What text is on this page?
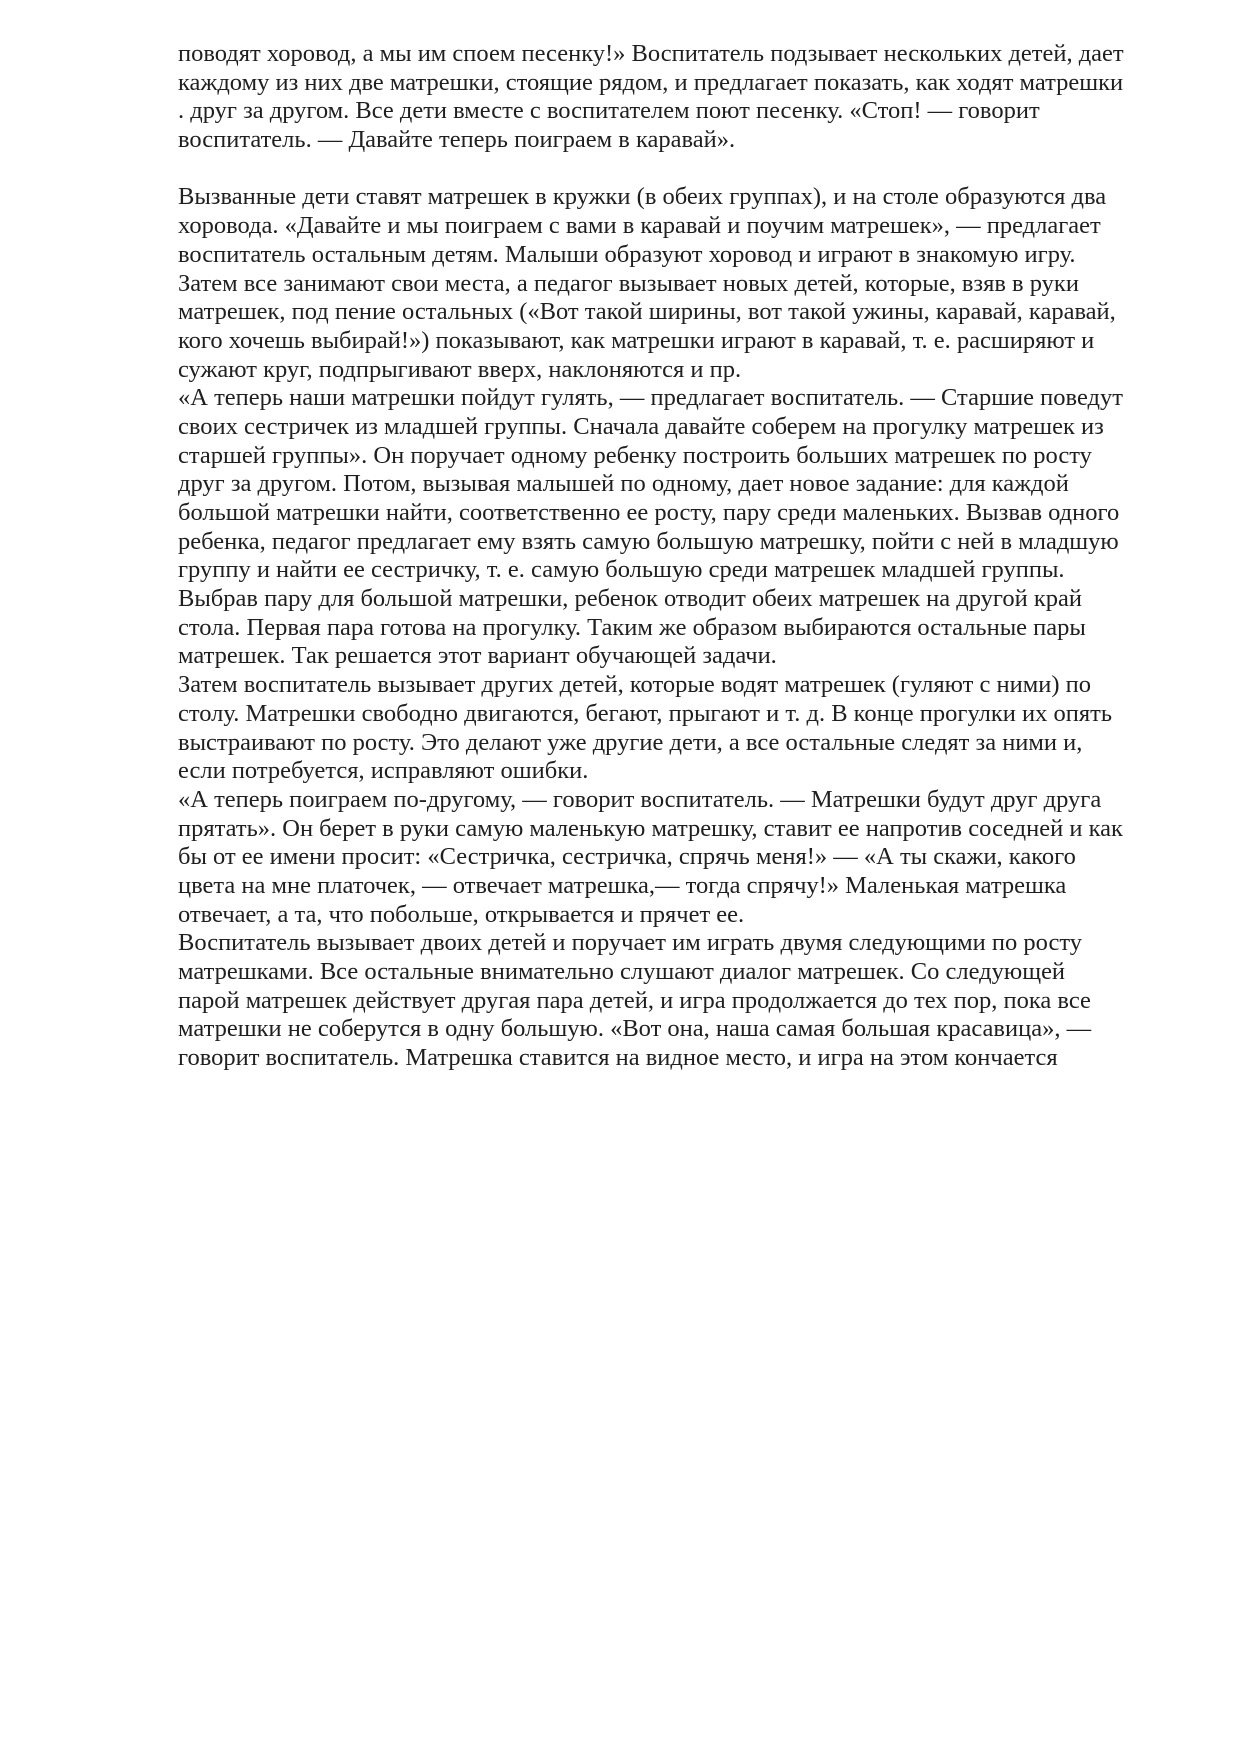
поводят хоровод, а мы им споем песенку!» Воспитатель подзывает нескольких детей, дает
каждому из них две матрешки, стоящие рядом, и предлагает показать, как ходят матрешки
. друг за другом. Все дети вместе с воспитателем поют песенку. «Стоп! — говорит
воспитатель. — Давайте теперь поиграем в каравай».
Вызванные дети ставят матрешек в кружки (в обеих группах), и на столе образуются два
хоровода. «Давайте и мы поиграем с вами в каравай и поучим матрешек», — предлагает
воспитатель остальным детям. Малыши образуют хоровод и играют в знакомую игру.
Затем все занимают свои места, а педагог вызывает новых детей, которые, взяв в руки
матрешек, под пение остальных («Вот такой ширины, вот такой ужины, каравай, каравай,
кого хочешь выбирай!») показывают, как матрешки играют в каравай, т. е. расширяют и
сужают круг, подпрыгивают вверх, наклоняются и пр.
«А теперь наши матрешки пойдут гулять, — предлагает воспитатель. — Старшие поведут
своих сестричек из младшей группы. Сначала давайте соберем на прогулку матрешек из
старшей группы». Он поручает одному ребенку построить больших матрешек по росту
друг за другом. Потом, вызывая малышей по одному, дает новое задание: для каждой
большой матрешки найти, соответственно ее росту, пару среди маленьких. Вызвав одного
ребенка, педагог предлагает ему взять самую большую матрешку, пойти с ней в младшую
группу и найти ее сестричку, т. е. самую большую среди матрешек младшей группы.
Выбрав пару для большой матрешки, ребенок отводит обеих матрешек на другой край
стола. Первая пара готова на прогулку. Таким же образом выбираются остальные пары
матрешек. Так решается этот вариант обучающей задачи.
Затем воспитатель вызывает других детей, которые водят матрешек (гуляют с ними) по
столу. Матрешки свободно двигаются, бегают, прыгают и т. д. В конце прогулки их опять
выстраивают по росту. Это делают уже другие дети, а все остальные следят за ними и,
если потребуется, исправляют ошибки.
«А теперь поиграем по-другому, — говорит воспитатель. — Матрешки будут друг друга
прятать». Он берет в руки самую маленькую матрешку, ставит ее напротив соседней и как
бы от ее имени просит: «Сестричка, сестричка, спрячь меня!» — «А ты скажи, какого
цвета на мне платочек, — отвечает матрешка,— тогда спрячу!» Маленькая матрешка
отвечает, а та, что побольше, открывается и прячет ее.
Воспитатель вызывает двоих детей и поручает им играть двумя следующими по росту
матрешками. Все остальные внимательно слушают диалог матрешек. Со следующей
парой матрешек действует другая пара детей, и игра продолжается до тех пор, пока все
матрешки не соберутся в одну большую. «Вот она, наша самая большая красавица», —
говорит воспитатель. Матрешка ставится на видное место, и игра на этом кончается
